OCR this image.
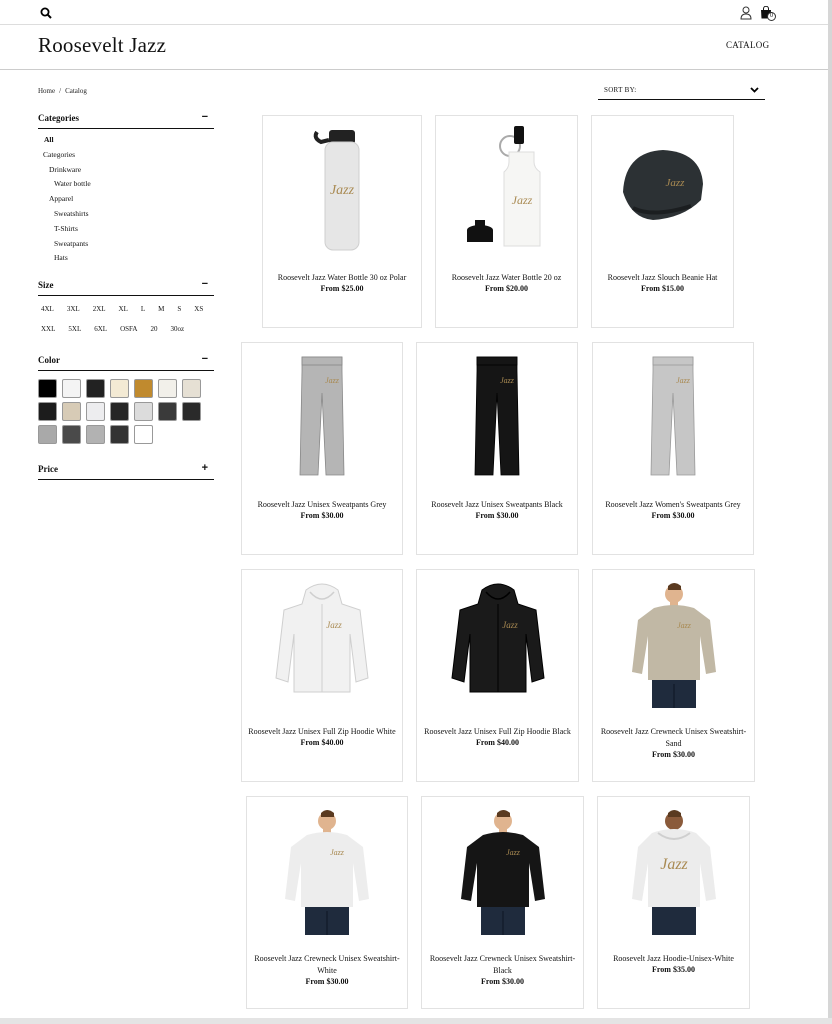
0
Roosevelt Jazz	CATALOG
Home / Catalog	SORT BY:
Categories	−
All
Categories
Drinkware
Water bottle
Apparel
Sweatshirts
T-Shirts
Sweatpants
Hats
Size	−
4XL 3XL 2XL XL L M S XS
XXL 5XL 6XL OSFA 20 30oz
Color	−
Price	+
Jazz
Roosevelt Jazz Water Bottle 30 oz Polar
From $25.00
Jazz
Roosevelt Jazz Water Bottle 20 oz
From $20.00
Jazz
Roosevelt Jazz Slouch Beanie Hat
From $15.00
Jazz
Roosevelt Jazz Unisex Sweatpants Grey
From $30.00
Jazz
Roosevelt Jazz Unisex Sweatpants Black
From $30.00
Jazz
Roosevelt Jazz Women's Sweatpants Grey
From $30.00
Jazz
Roosevelt Jazz Unisex Full Zip Hoodie White
From $40.00
Jazz
Roosevelt Jazz Unisex Full Zip Hoodie Black
From $40.00
Jazz
Roosevelt Jazz Crewneck Unisex Sweatshirt- Sand
From $30.00
Jazz
Roosevelt Jazz Crewneck Unisex Sweatshirt- White
From $30.00
Jazz
Roosevelt Jazz Crewneck Unisex Sweatshirt- Black
From $30.00
Jazz
Roosevelt Jazz Hoodie-Unisex-White
From $35.00
